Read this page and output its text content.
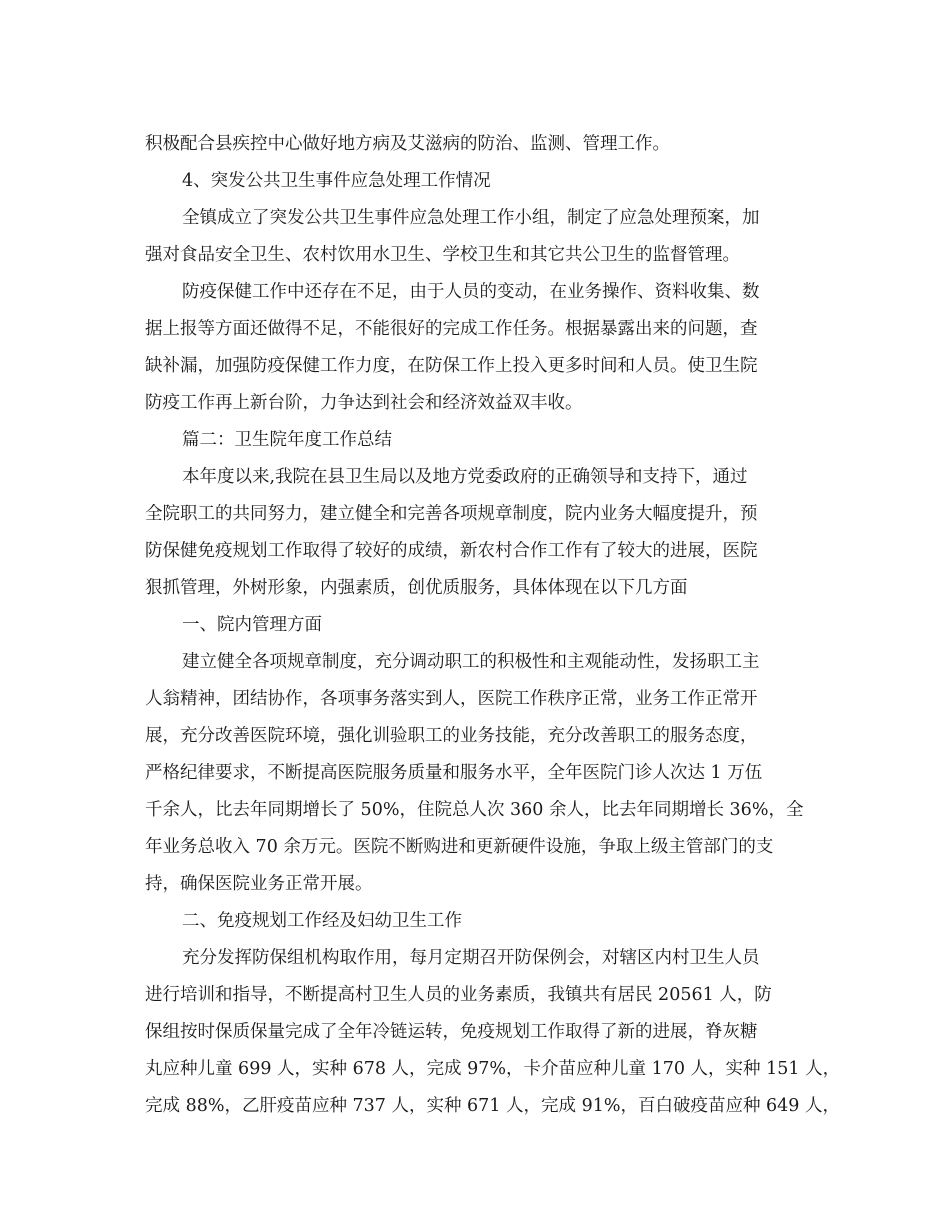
积极配合县疾控中心做好地方病及艾滋病的防治、监测、管理工作。
4、突发公共卫生事件应急处理工作情况
全镇成立了突发公共卫生事件应急处理工作小组，制定了应急处理预案，加
强对食品安全卫生、农村饮用水卫生、学校卫生和其它共公卫生的监督管理。
防疫保健工作中还存在不足，由于人员的变动，在业务操作、资料收集、数
据上报等方面还做得不足，不能很好的完成工作任务。根据暴露出来的问题，查
缺补漏，加强防疫保健工作力度，在防保工作上投入更多时间和人员。使卫生院
防疫工作再上新台阶，力争达到社会和经济效益双丰收。
篇二：卫生院年度工作总结
本年度以来,我院在县卫生局以及地方党委政府的正确领导和支持下，通过
全院职工的共同努力，建立健全和完善各项规章制度，院内业务大幅度提升，预
防保健免疫规划工作取得了较好的成绩，新农村合作工作有了较大的进展，医院
狠抓管理，外树形象，内强素质，创优质服务，具体体现在以下几方面
一、院内管理方面
建立健全各项规章制度，充分调动职工的积极性和主观能动性，发扬职工主
人翁精神，团结协作，各项事务落实到人，医院工作秩序正常，业务工作正常开
展，充分改善医院环境，强化训验职工的业务技能，充分改善职工的服务态度，
严格纪律要求，不断提高医院服务质量和服务水平，全年医院门诊人次达 1 万伍
千余人，比去年同期增长了 50%，住院总人次 360 余人，比去年同期增长 36%，全
年业务总收入 70 余万元。医院不断购进和更新硬件设施，争取上级主管部门的支
持，确保医院业务正常开展。
二、免疫规划工作经及妇幼卫生工作
充分发挥防保组机构取作用，每月定期召开防保例会，对辖区内村卫生人员
进行培训和指导，不断提高村卫生人员的业务素质，我镇共有居民 20561 人，防
保组按时保质保量完成了全年冷链运转，免疫规划工作取得了新的进展，脊灰糖
丸应种儿童 699 人，实种 678 人，完成 97%，卡介苗应种儿童 170 人，实种 151 人，
完成 88%，乙肝疫苗应种 737 人，实种 671 人，完成 91%，百白破疫苗应种 649 人，
